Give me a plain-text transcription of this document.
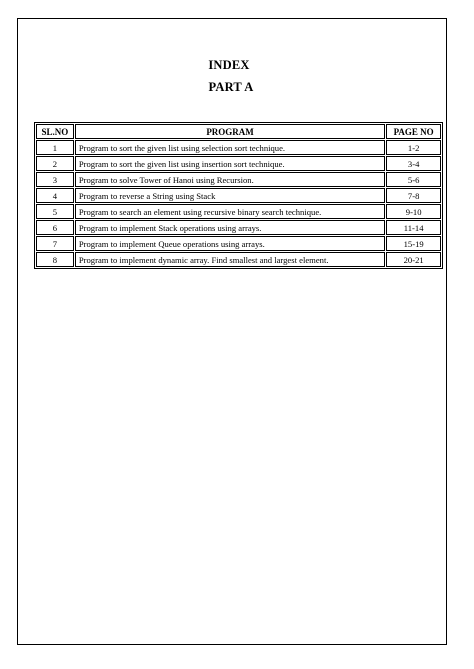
INDEX
PART A
SL.NO	PROGRAM	PAGE NO
1	Program to sort the given list using selection sort technique.	1-2
2	Program to sort the given list using insertion sort technique.	3-4
3	Program to solve Tower of Hanoi using Recursion.	5-6
4	Program to reverse a String using Stack	7-8
5	Program to search an element using recursive binary search technique.	9-10
6	Program to implement Stack operations using arrays.	11-14
7	Program to implement Queue operations using arrays.	15-19
8	Program to implement dynamic array. Find smallest and largest element.	20-21
